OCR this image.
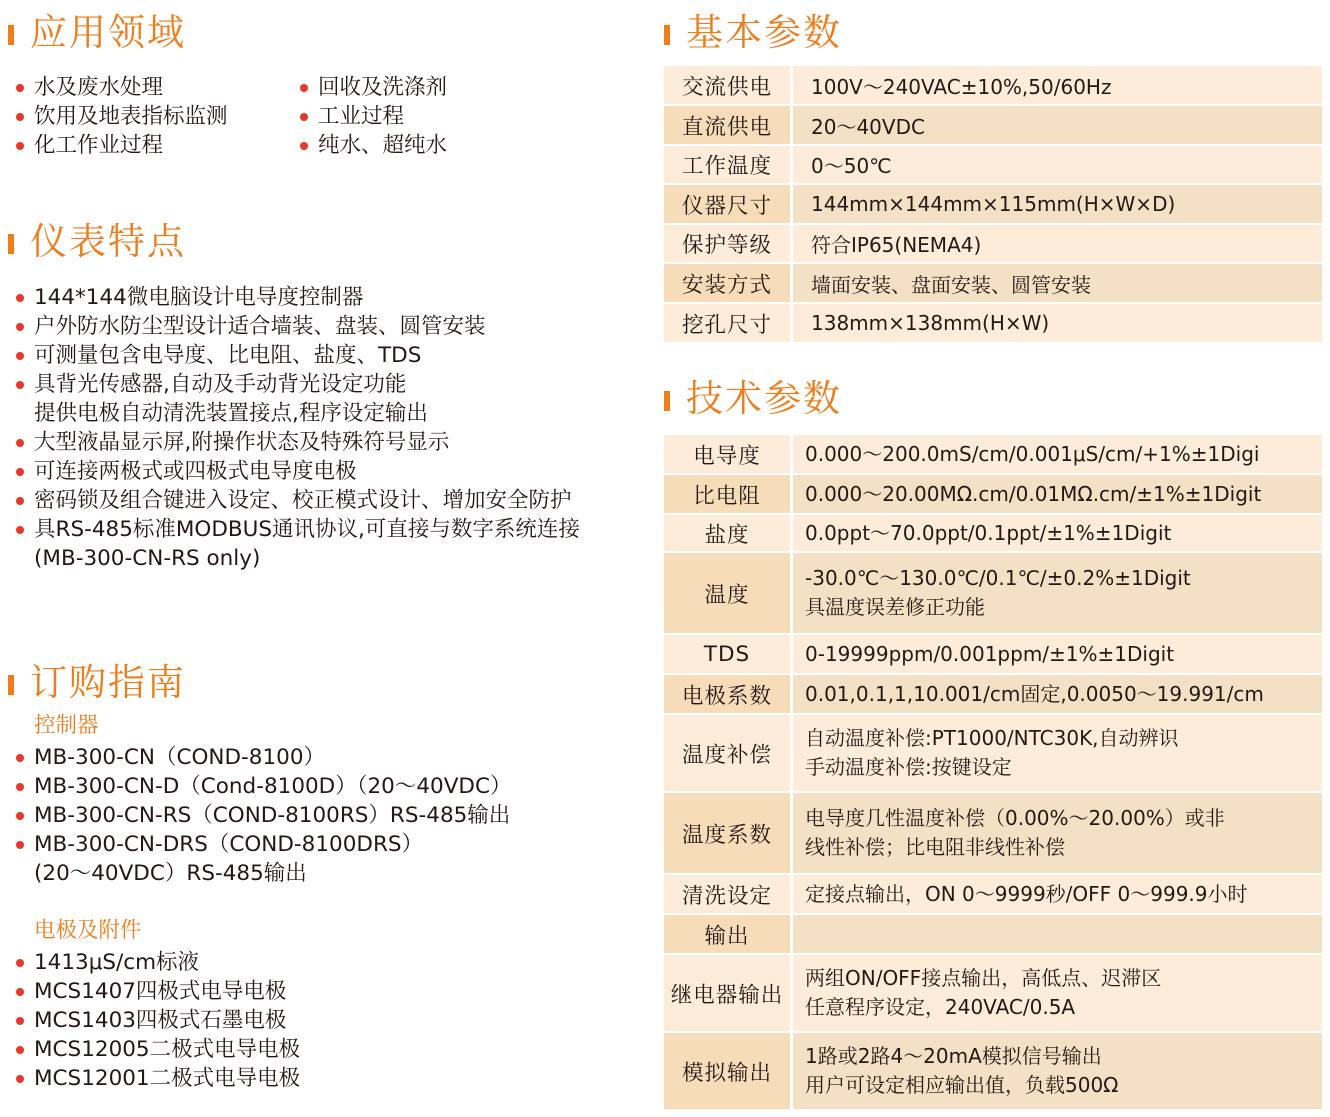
应用领域
水及废水处理
饮用及地表指标监测
化工作业过程
回收及洗涤剂
工业过程
纯水、超纯水
仪表特点
144*144微电脑设计电导度控制器
户外防水防尘型设计适合墙装、盘装、圆管安装
可测量包含电导度、比电阻、盐度、TDS
具背光传感器,自动及手动背光设定功能
提供电极自动清洗装置接点,程序设定输出
大型液晶显示屏,附操作状态及特殊符号显示
可连接两极式或四极式电导度电极
密码锁及组合键进入设定、校正模式设计、增加安全防护
具RS-485标准MODBUS通讯协议,可直接与数字系统连接
(MB-300-CN-RS only)
订购指南
控制器
MB-300-CN（COND-8100）
MB-300-CN-D（Cond-8100D）（20～40VDC）
MB-300-CN-RS（COND-8100RS）RS-485输出
MB-300-CN-DRS（COND-8100DRS）
(20～40VDC）RS-485输出
电极及附件
1413μS/cm标液
MCS1407四极式电导电极
MCS1403四极式石墨电极
MCS12005二极式电导电极
MCS12001二极式电导电极
基本参数
交流供电	100V～240VAC±10%,50/60Hz
直流供电	20～40VDC
工作温度	0～50℃
仪器尺寸	144mm×144mm×115mm(H×W×D)
保护等级	符合IP65(NEMA4)
安装方式	墙面安装、盘面安装、圆管安装
挖孔尺寸	138mm×138mm(H×W)
技术参数
电导度	0.000～200.0mS/cm/0.001μS/cm/+1%±1Digi
比电阻	0.000～20.00MΩ.cm/0.01MΩ.cm/±1%±1Digit
盐度	0.0ppt～70.0ppt/0.1ppt/±1%±1Digit
温度	-30.0℃～130.0℃/0.1℃/±0.2%±1Digit
具温度误差修正功能
TDS	0-19999ppm/0.001ppm/±1%±1Digit
电极系数	0.01,0.1,1,10.001/cm固定,0.0050～19.991/cm
温度补偿	自动温度补偿:PT1000/NTC30K,自动辨识
手动温度补偿:按键设定
温度系数	电导度几性温度补偿（0.00%～20.00%）或非
线性补偿；比电阻非线性补偿
清洗设定	定接点输出，ON 0～9999秒/OFF 0～999.9小时
输出	
继电器输出	两组ON/OFF接点输出，高低点、迟滞区
任意程序设定，240VAC/0.5A
模拟输出	1路或2路4～20mA模拟信号输出
用户可设定相应输出值，负载500Ω
